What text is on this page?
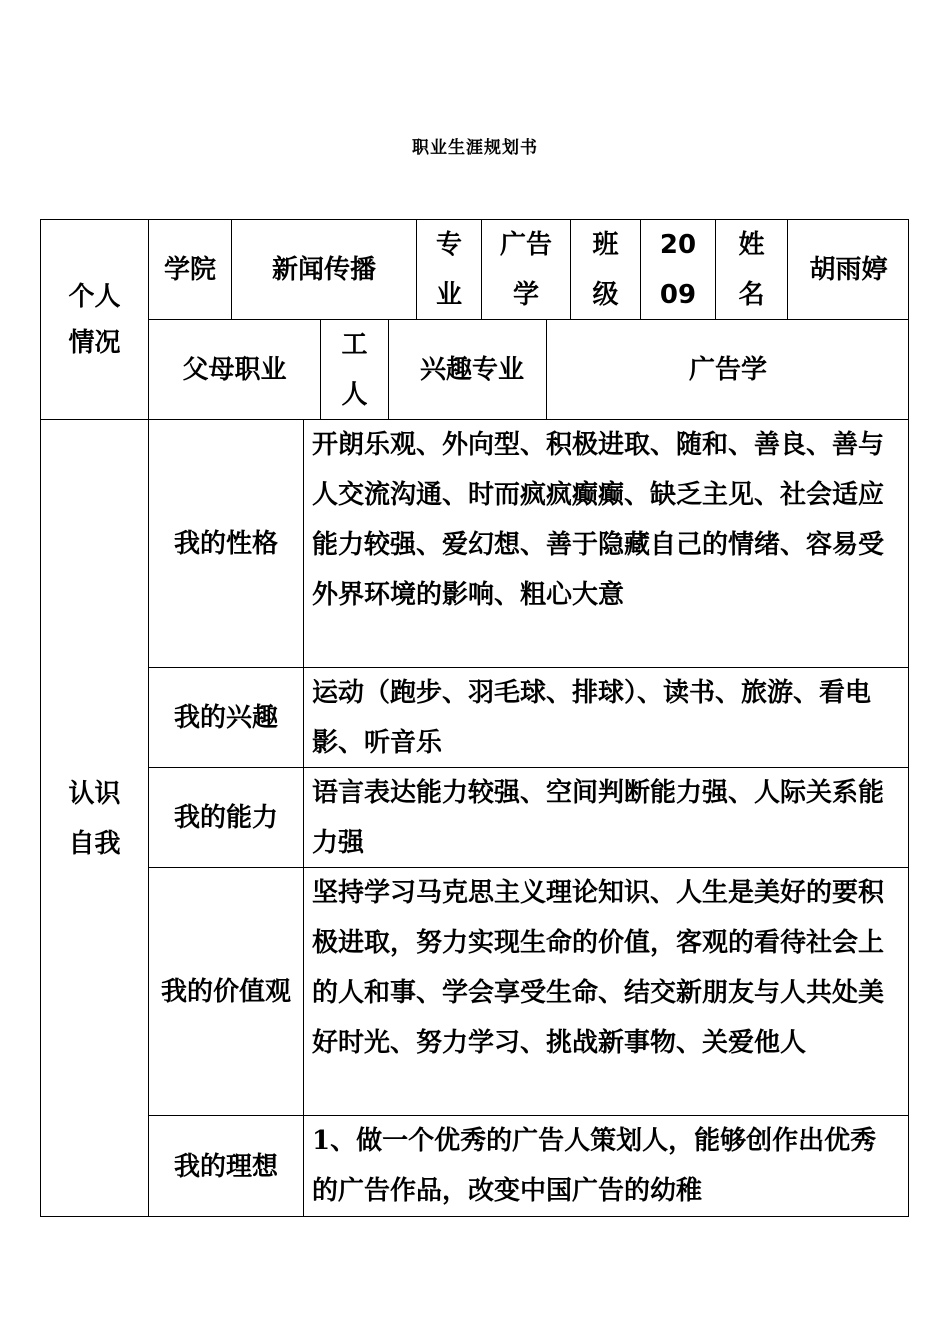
职业生涯规划书
个人情况
学院	新闻传播
专业
广告学
班级
2009
姓名
胡雨婷
父母职业
工人
兴趣专业	广告学
认识自我
我的性格
开朗乐观、外向型、积极进取、随和、善良、善与人交流沟通、时而疯疯癫癫、缺乏主见、社会适应能力较强、爱幻想、善于隐藏自己的情绪、容易受外界环境的影响、粗心大意
我的兴趣
运动（跑步、羽毛球、排球）、读书、旅游、看电影、听音乐
我的能力
语言表达能力较强、空间判断能力强、人际关系能力强
我的价值观
坚持学习马克思主义理论知识、人生是美好的要积极进取，努力实现生命的价值，客观的看待社会上的人和事、学会享受生命、结交新朋友与人共处美好时光、努力学习、挑战新事物、关爱他人
我的理想
1、做一个优秀的广告人策划人，能够创作出优秀的广告作品，改变中国广告的幼稚
